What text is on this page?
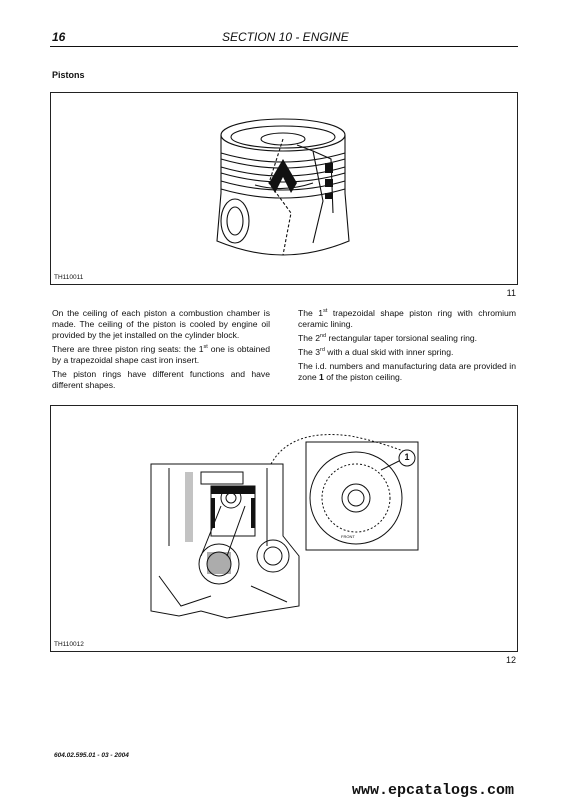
16	SECTION 10 - ENGINE
Pistons
TH110011
11

On the ceiling of each piston a combustion chamber is made. The ceiling of the piston is cooled by engine oil provided by the jet installed on the cylinder block.

There are three piston ring seats: the 1st one is obtained by a trapezoidal shape cast iron insert.

The piston rings have different functions and have different shapes.

The 1st trapezoidal shape piston ring with chromium ceramic lining.

The 2nd rectangular taper torsional sealing ring.

The 3rd with a dual skid with inner spring.

The i.d. numbers and manufacturing data are provided in zone 1 of the piston ceiling.

1
FRONT
TH110012
12
604.02.595.01 - 03 - 2004
www.epcatalogs.com
